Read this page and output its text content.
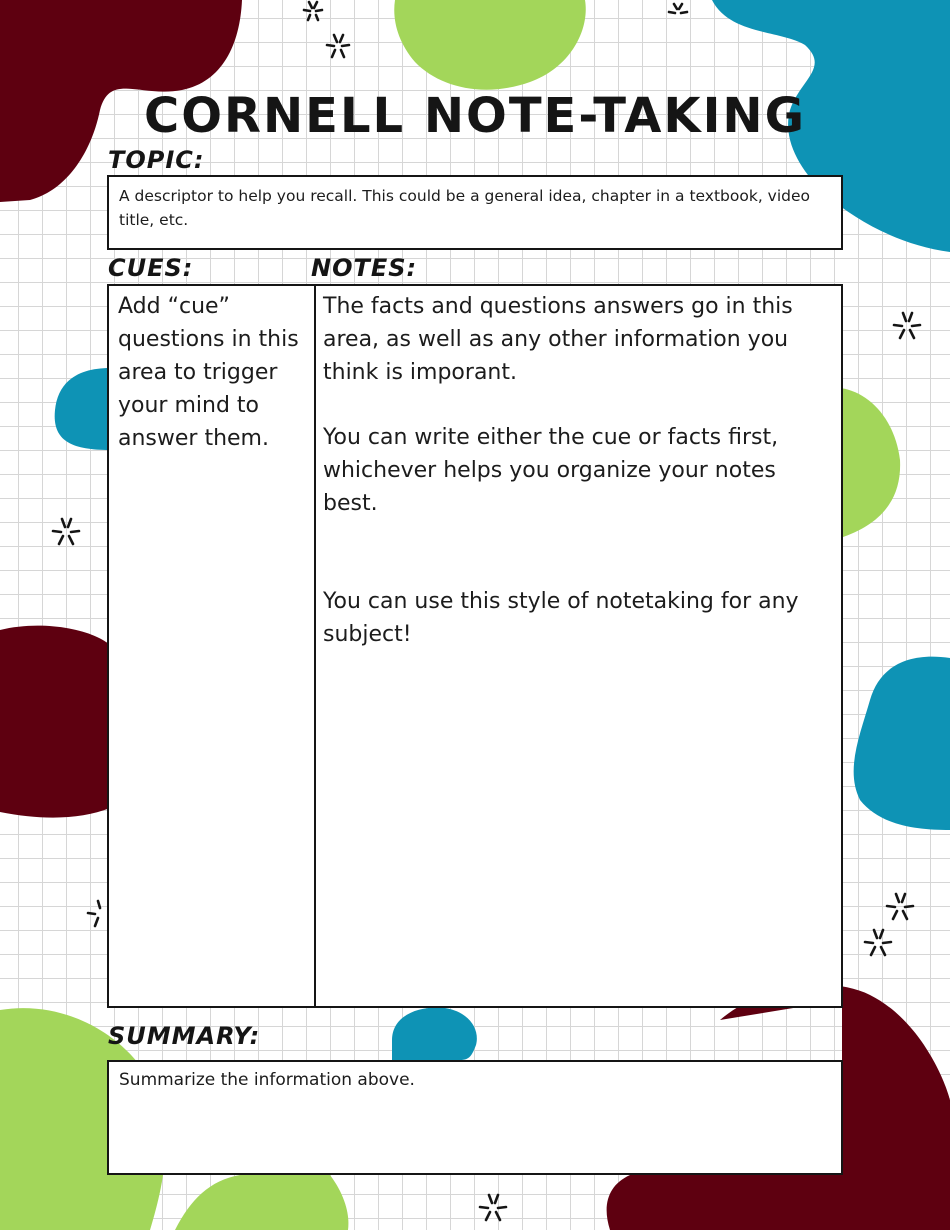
CORNELL NOTE-TAKING
TOPIC:
A descriptor to help you recall. This could be a general idea, chapter in a textbook, video title, etc.
CUES:	NOTES:
Add “cue” questions in this area to trigger your mind to answer them.

The facts and questions answers go in this area, as well as any other information you think is imporant.

You can write either the cue or facts first, whichever helps you organize your notes best.

You can use this style of notetaking for any subject!

SUMMARY:
Summarize the information above.
